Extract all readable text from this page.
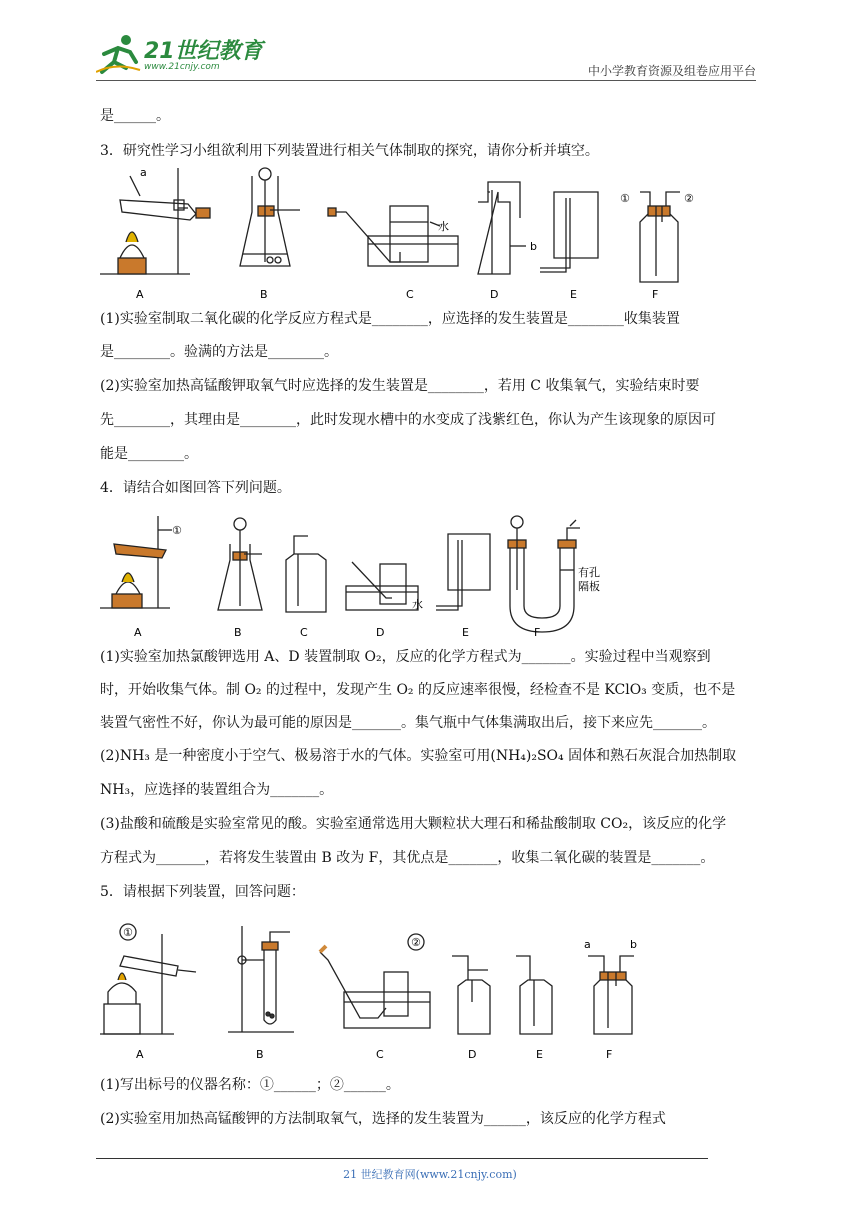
21世纪教育
www.21cnjy.com	中小学教育资源及组卷应用平台
是______。
3．研究性学习小组欲利用下列装置进行相关气体制取的探究，请你分析并填空。
a
b
水
①	②
A	B	C	D	E	F
(1)实验室制取二氧化碳的化学反应方程式是________，应选择的发生装置是________收集装置
是________。验满的方法是________。
(2)实验室加热高锰酸钾取氧气时应选择的发生装置是________，若用 C 收集氧气，实验结束时要
先________，其理由是________，此时发现水槽中的水变成了浅紫红色，你认为产生该现象的原因可
能是________。
4．请结合如图回答下列问题。
①
水
有孔
隔板
A	B	C	D	E	F
(1)实验室加热氯酸钾选用 A、D 装置制取 O₂，反应的化学方程式为_______。实验过程中当观察到
时，开始收集气体。制 O₂ 的过程中，发现产生 O₂ 的反应速率很慢，经检查不是 KClO₃ 变质，也不是
装置气密性不好，你认为最可能的原因是_______。集气瓶中气体集满取出后，接下来应先_______。
(2)NH₃ 是一种密度小于空气、极易溶于水的气体。实验室可用(NH₄)₂SO₄ 固体和熟石灰混合加热制取
NH₃，应选择的装置组合为_______。
(3)盐酸和硫酸是实验室常见的酸。实验室通常选用大颗粒状大理石和稀盐酸制取 CO₂，该反应的化学
方程式为_______，若将发生装置由 B 改为 F，其优点是_______，收集二氧化碳的装置是_______。
5．请根据下列装置，回答问题：
①
②	a	b
A	B	C	D	E	F
(1)写出标号的仪器名称：①______；②______。
(2)实验室用加热高锰酸钾的方法制取氧气，选择的发生装置为______，该反应的化学方程式
21 世纪教育网(www.21cnjy.com)
